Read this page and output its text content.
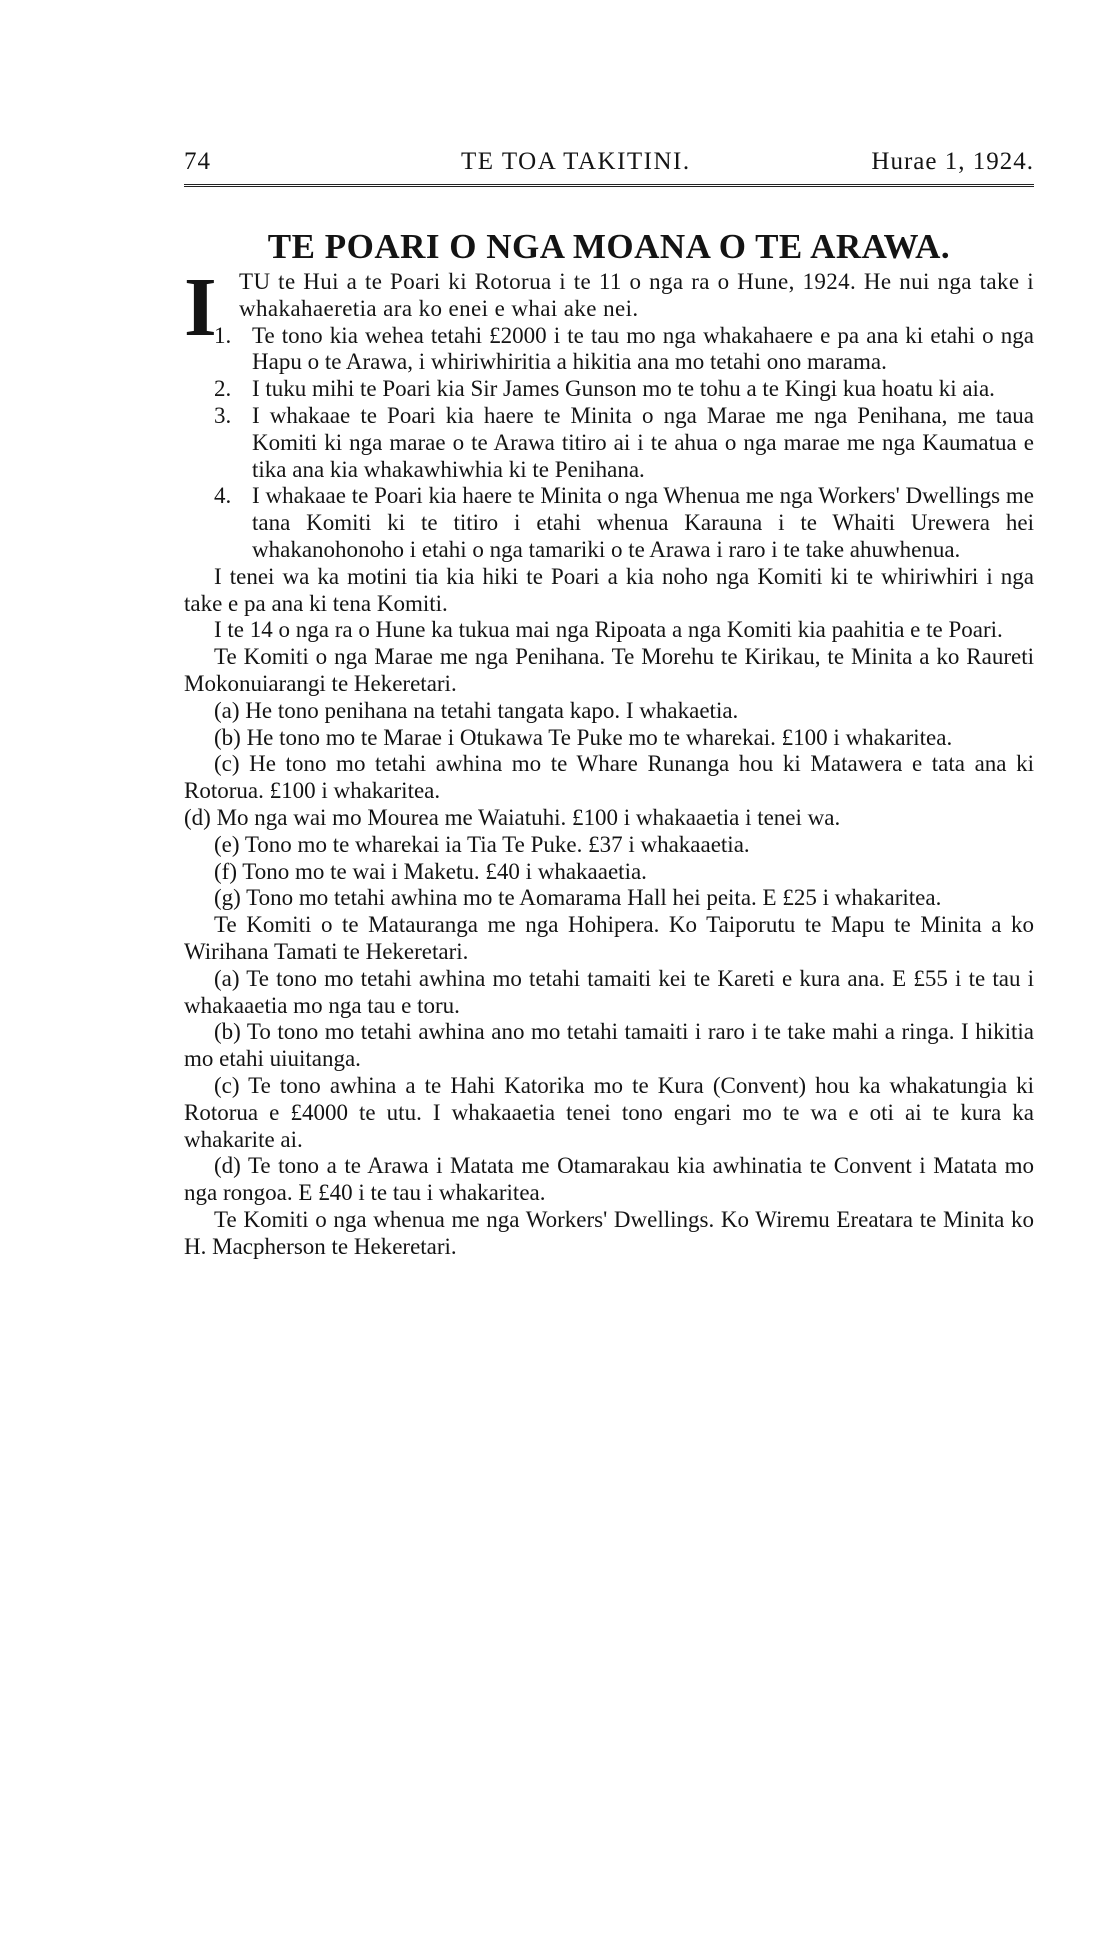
74	TE TOA TAKITINI.	Hurae 1, 1924.
TE POARI O NGA MOANA O TE ARAWA.
I TU te Hui a te Poari ki Rotorua i te 11 o nga ra o Hune, 1924. He nui nga take i whakahaeretia ara ko enei e whai ake nei.

1. Te tono kia wehea tetahi £2000 i te tau mo nga whakahaere e pa ana ki etahi o nga Hapu o te Arawa, i whiriwhiritia a hikitia ana mo tetahi ono marama.
2. I tuku mihi te Poari kia Sir James Gunson mo te tohu a te Kingi kua hoatu ki aia.
3. I whakaae te Poari kia haere te Minita o nga Marae me nga Penihana, me taua Komiti ki nga marae o te Arawa titiro ai i te ahua o nga marae me nga Kaumatua e tika ana kia whakawhiwhia ki te Penihana.
4. I whakaae te Poari kia haere te Minita o nga Whenua me nga Workers' Dwellings me tana Komiti ki te titiro i etahi whenua Karauna i te Whaiti Urewera hei whakanohonoho i etahi o nga tamariki o te Arawa i raro i te take ahuwhenua.

I tenei wa ka motini tia kia hiki te Poari a kia noho nga Komiti ki te whiriwhiri i nga take e pa ana ki tena Komiti.

I te 14 o nga ra o Hune ka tukua mai nga Ripoata a nga Komiti kia paahitia e te Poari.

Te Komiti o nga Marae me nga Penihana. Te Morehu te Kirikau, te Minita a ko Raureti Mokonuiarangi te Hekeretari.

(a) He tono penihana na tetahi tangata kapo. I whakaetia.

(b) He tono mo te Marae i Otukawa Te Puke mo te wharekai. £100 i whakaritea.

(c) He tono mo tetahi awhina mo te Whare Runanga hou ki Matawera e tata ana ki Rotorua. £100 i whakaritea.

(d) Mo nga wai mo Mourea me Waiatuhi. £100 i whakaaetia i tenei wa.

(e) Tono mo te wharekai ia Tia Te Puke. £37 i whakaaetia.

(f) Tono mo te wai i Maketu. £40 i whakaaetia.

(g) Tono mo tetahi awhina mo te Aomarama Hall hei peita. E £25 i whakaritea.

Te Komiti o te Matauranga me nga Hohipera. Ko Taiporutu te Mapu te Minita a ko Wirihana Tamati te Hekeretari.

(a) Te tono mo tetahi awhina mo tetahi tamaiti kei te Kareti e kura ana. E £55 i te tau i whakaaetia mo nga tau e toru.

(b) To tono mo tetahi awhina ano mo tetahi tamaiti i raro i te take mahi a ringa. I hikitia mo etahi uiuitanga.

(c) Te tono awhina a te Hahi Katorika mo te Kura (Convent) hou ka whakatungia ki Rotorua e £4000 te utu. I whakaaetia tenei tono engari mo te wa e oti ai te kura ka whakarite ai.

(d) Te tono a te Arawa i Matata me Otamarakau kia awhinatia te Convent i Matata mo nga rongoa. E £40 i te tau i whakaritea.

Te Komiti o nga whenua me nga Workers' Dwellings. Ko Wiremu Ereatara te Minita ko H. Macpherson te Hekeretari.
